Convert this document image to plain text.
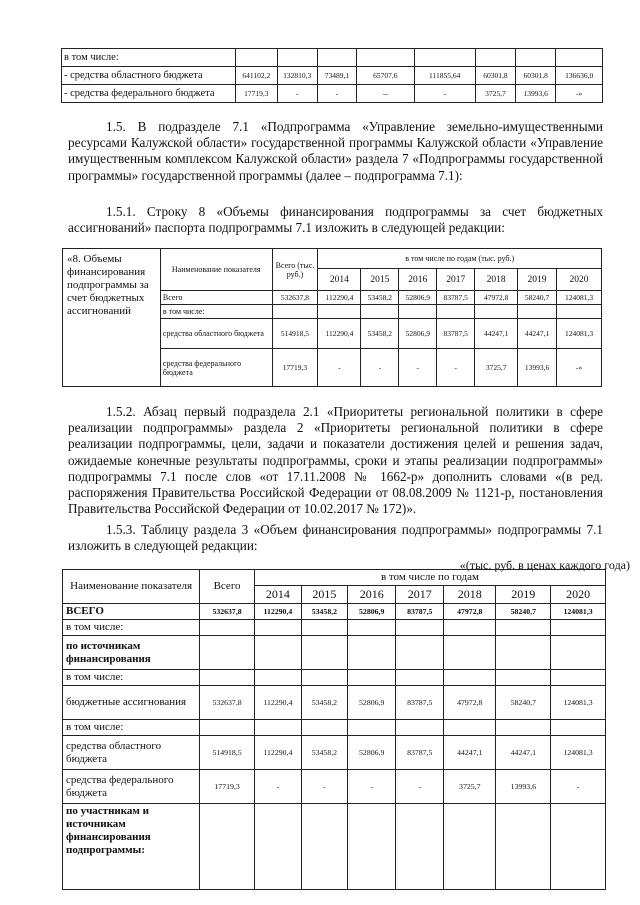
в том числе:								
- средства областного бюджета	641102,2	132810,3	73489,1	65707,6	111855,64	60301,8	60301,8	136636,0
- средства федерального бюджета	17719,3	-	-	--	-	3725,7	13993,6	-»

1.5. В подразделе 7.1 «Подпрограмма «Управление земельно-имущественными ресурсами Калужской области» государственной программы Калужской области «Управление имущественным комплексом Калужской области» раздела 7 «Подпрограммы государственной программы» государственной программы (далее – подпрограмма 7.1):

1.5.1. Строку 8 «Объемы финансирования подпрограммы за счет бюджетных ассигнований» паспорта подпрограммы 7.1 изложить в следующей редакции:

«8. Объемы финансирования подпрограммы за счет бюджетных ассигнований	Наименование показателя	Всего (тыс. руб.)	в том числе по годам (тыс. руб.)						
			2014	2015	2016	2017	2018	2019	2020
	Всего	532637,8	112290,4	53458,2	52806,9	83787,5	47972,8	58240,7	124081,3
	в том числе:								
	средства областного бюджета	514918,5	112290,4	53458,2	52806,9	83787,5	44247,1	44247,1	124081,3
	средства федерального бюджета	17719,3	-	-	-	-	3725,7	13993,6	-»

1.5.2. Абзац первый подраздела 2.1 «Приоритеты региональной политики в сфере реализации подпрограммы» раздела 2 «Приоритеты региональной политики в сфере реализации подпрограммы, цели, задачи и показатели достижения целей и решения задач, ожидаемые конечные результаты подпрограммы, сроки и этапы реализации подпрограммы» подпрограммы 7.1 после слов «от 17.11.2008 № 1662-р» дополнить словами «(в ред. распоряжения Правительства Российской Федерации от 08.08.2009 № 1121-р, постановления Правительства Российской Федерации от 10.02.2017 № 172)».

1.5.3. Таблицу раздела 3 «Объем финансирования подпрограммы» подпрограммы 7.1 изложить в следующей редакции:

«(тыс. руб. в ценах каждого года)
Наименование показателя	Всего	в том числе по годам						
		2014	2015	2016	2017	2018	2019	2020
ВСЕГО	532637,8	112290,4	53458,2	52806,9	83787,5	47972,8	58240,7	124081,3
в том числе:								
по источникам финансирования								
в том числе:								
бюджетные ассигнования	532637,8	112290,4	53458,2	52806,9	83787,5	47972,8	58240,7	124081,3
в том числе:								
средства областного бюджета	514918,5	112290,4	53458,2	52806,9	83787,5	44247,1	44247,1	124081,3
средства федерального бюджета	17719,3	-	-	-	-	3725,7	13993,6	-
по участникам и источникам финансирования подпрограммы:								
